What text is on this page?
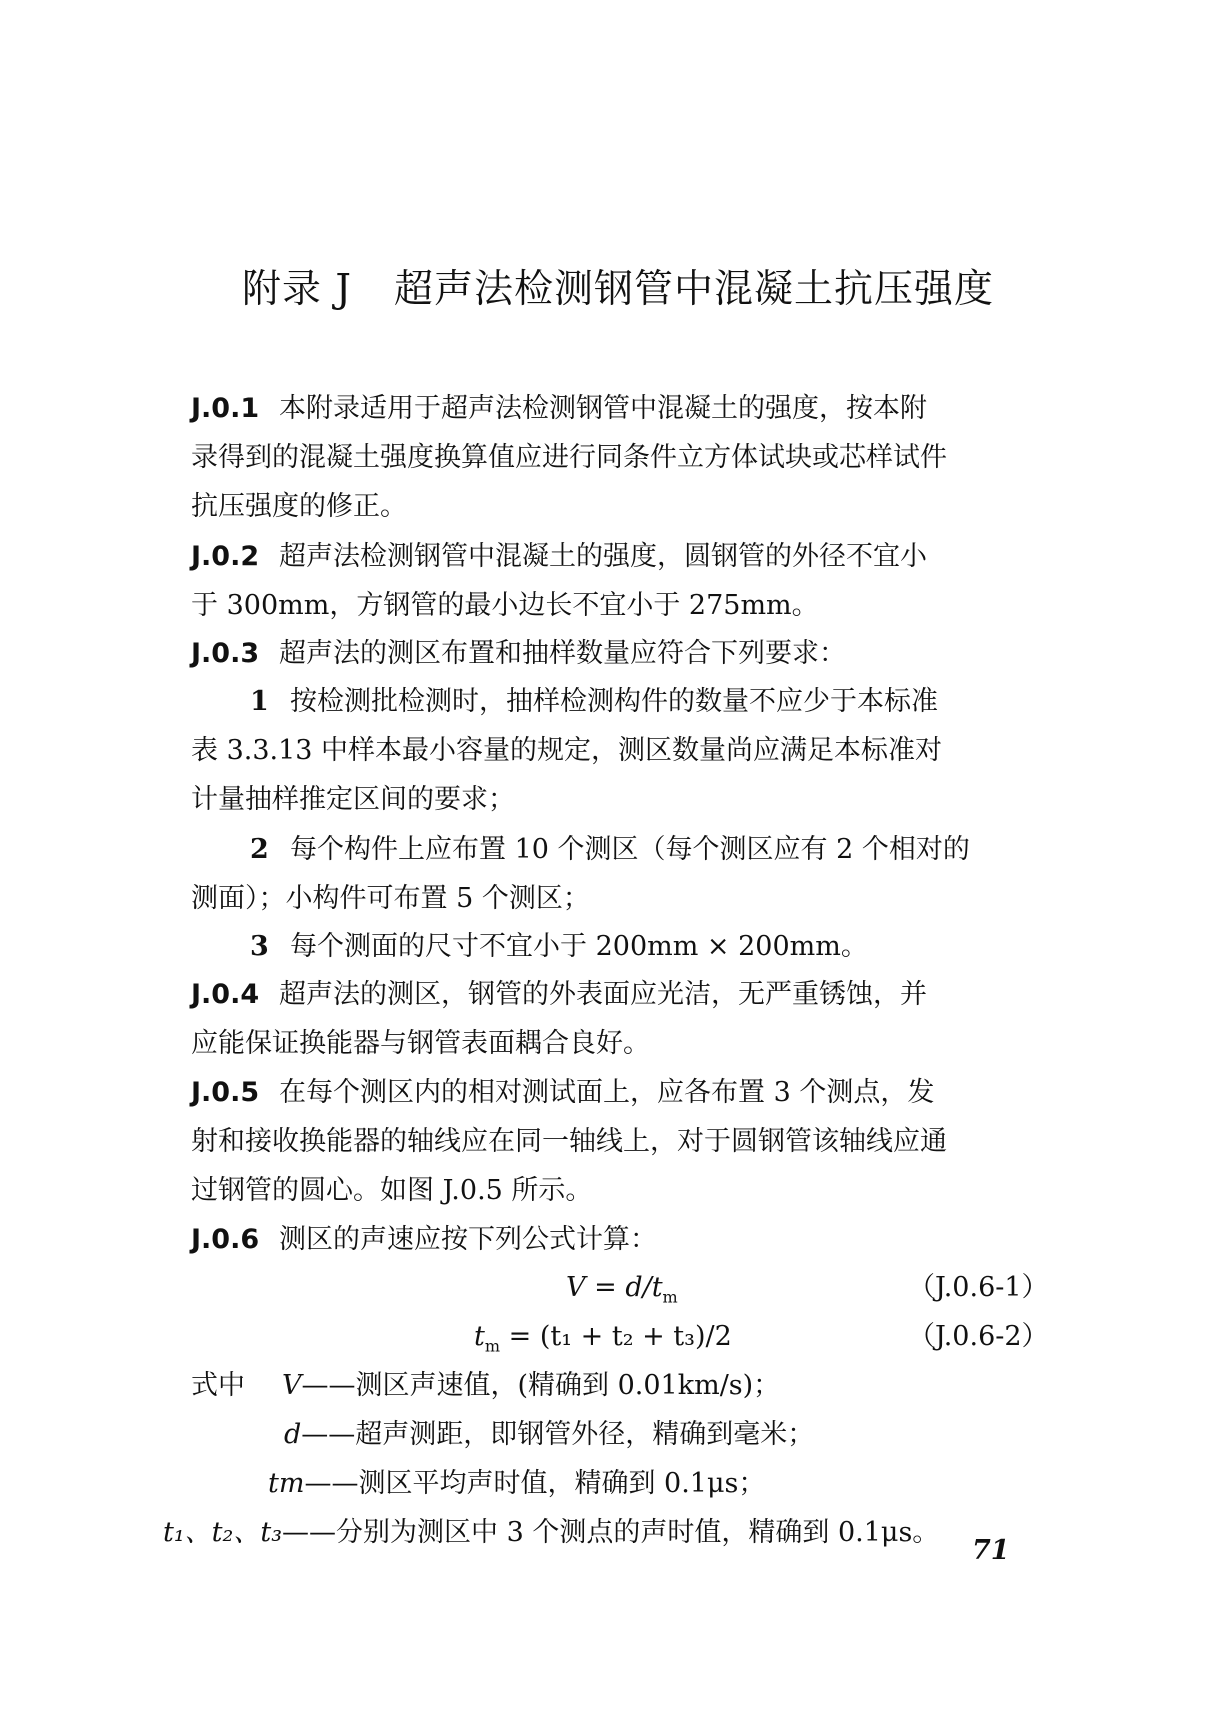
附录 J 超声法检测钢管中混凝土抗压强度
J.0.1 本附录适用于超声法检测钢管中混凝土的强度，按本附
录得到的混凝土强度换算值应进行同条件立方体试块或芯样试件
抗压强度的修正。
J.0.2 超声法检测钢管中混凝土的强度，圆钢管的外径不宜小
于 300mm，方钢管的最小边长不宜小于 275mm。
J.0.3 超声法的测区布置和抽样数量应符合下列要求：
1 按检测批检测时，抽样检测构件的数量不应少于本标准
表 3.3.13 中样本最小容量的规定，测区数量尚应满足本标准对
计量抽样推定区间的要求；
2 每个构件上应布置 10 个测区（每个测区应有 2 个相对的
测面）；小构件可布置 5 个测区；
3 每个测面的尺寸不宜小于 200mm × 200mm。
J.0.4 超声法的测区，钢管的外表面应光洁，无严重锈蚀，并
应能保证换能器与钢管表面耦合良好。
J.0.5 在每个测区内的相对测试面上，应各布置 3 个测点，发
射和接收换能器的轴线应在同一轴线上，对于圆钢管该轴线应通
过钢管的圆心。如图 J.0.5 所示。
J.0.6 测区的声速应按下列公式计算：
$V = d/t_m$	（J.0.6-1）
$t_m = (t_1 + t_2 + t_3)/2$	（J.0.6-2）
式中 V——测区声速值，(精确到 0.01km/s)；
d——超声测距，即钢管外径，精确到毫米；
tm——测区平均声时值，精确到 0.1μs；
t₁、t₂、t₃——分别为测区中 3 个测点的声时值，精确到 0.1μs。
71
